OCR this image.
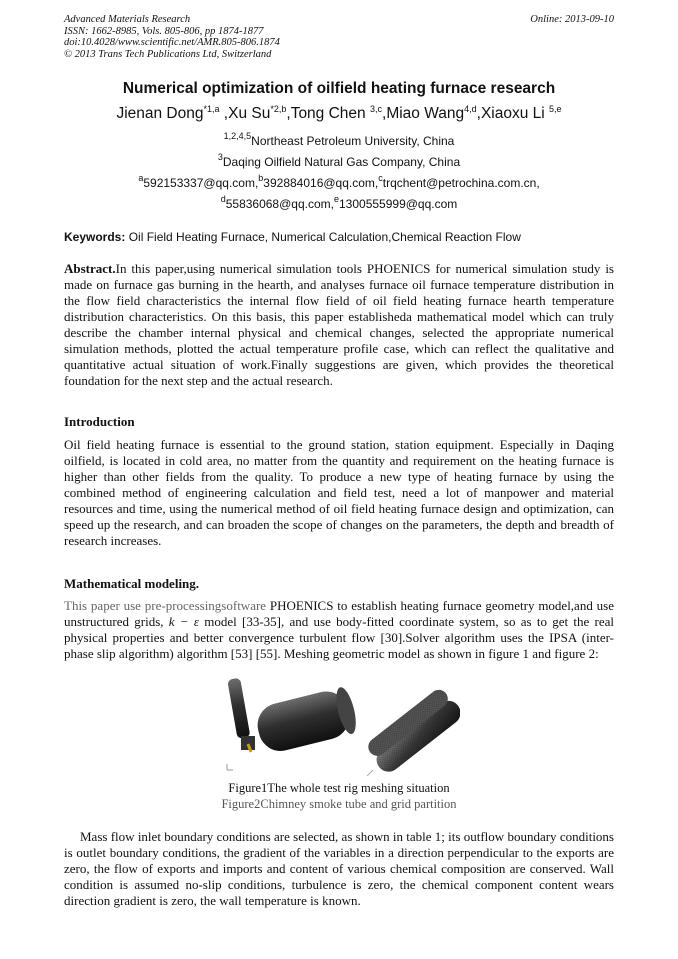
Advanced Materials Research
ISSN: 1662-8985, Vols. 805-806, pp 1874-1877
doi:10.4028/www.scientific.net/AMR.805-806.1874
© 2013 Trans Tech Publications Ltd, Switzerland
Online: 2013-09-10
Numerical optimization of oilfield heating furnace research
Jienan Dong$^{*1,a}$ ,Xu Su$^{*2,b}$,Tong Chen $^{3,c}$,Miao Wang$^{4,d}$,Xiaoxu Li $^{5,e}$
$^{1,2,4,5}$Northeast Petroleum University, China
$^3$Daqing Oilfield Natural Gas Company, China
$^a$592153337@qq.com,$^b$392884016@qq.com,$^c$trqchent@petrochina.com.cn,
$^d$55836068@qq.com,$^e$1300555999@qq.com
Keywords: Oil Field Heating Furnace, Numerical Calculation,Chemical Reaction Flow

Abstract.In this paper,using numerical simulation tools PHOENICS for numerical simulation study is made on furnace gas burning in the hearth, and analyses furnace oil furnace temperature distribution in the flow field characteristics the internal flow field of oil field heating furnace hearth temperature distribution characteristics. On this basis, this paper establisheda mathematical model which can truly describe the chamber internal physical and chemical changes, selected the appropriate numerical simulation methods, plotted the actual temperature profile case, which can reflect the qualitative and quantitative actual situation of work.Finally suggestions are given, which provides the theoretical foundation for the next step and the actual research.

Introduction

Oil field heating furnace is essential to the ground station, station equipment. Especially in Daqing oilfield, is located in cold area, no matter from the quantity and requirement on the heating furnace is higher than other fields from the quality. To produce a new type of heating furnace by using the combined method of engineering calculation and field test, need a lot of manpower and material resources and time, using the numerical method of oil field heating furnace design and optimization, can speed up the research, and can broaden the scope of changes on the parameters, the depth and breadth of research increases.

Mathematical modeling.

This paper use pre-processingsoftware PHOENICS to establish heating furnace geometry model,and use unstructured grids, k − ε model [33-35], and use body-fitted coordinate system, so as to get the real physical properties and better convergence turbulent flow [30].Solver algorithm uses the IPSA (inter-phase slip algorithm) algorithm [53] [55]. Meshing geometric model as shown in figure 1 and figure 2:

Figure1The whole test rig meshing situation
Figure2Chimney smoke tube and grid partition

Mass flow inlet boundary conditions are selected, as shown in table 1; its outflow boundary conditions is outlet boundary conditions, the gradient of the variables in a direction perpendicular to the exports are zero, the flow of exports and imports and content of various chemical composition are conserved. Wall condition is assumed no-slip conditions, turbulence is zero, the chemical component content wears direction gradient is zero, the wall temperature is known.
